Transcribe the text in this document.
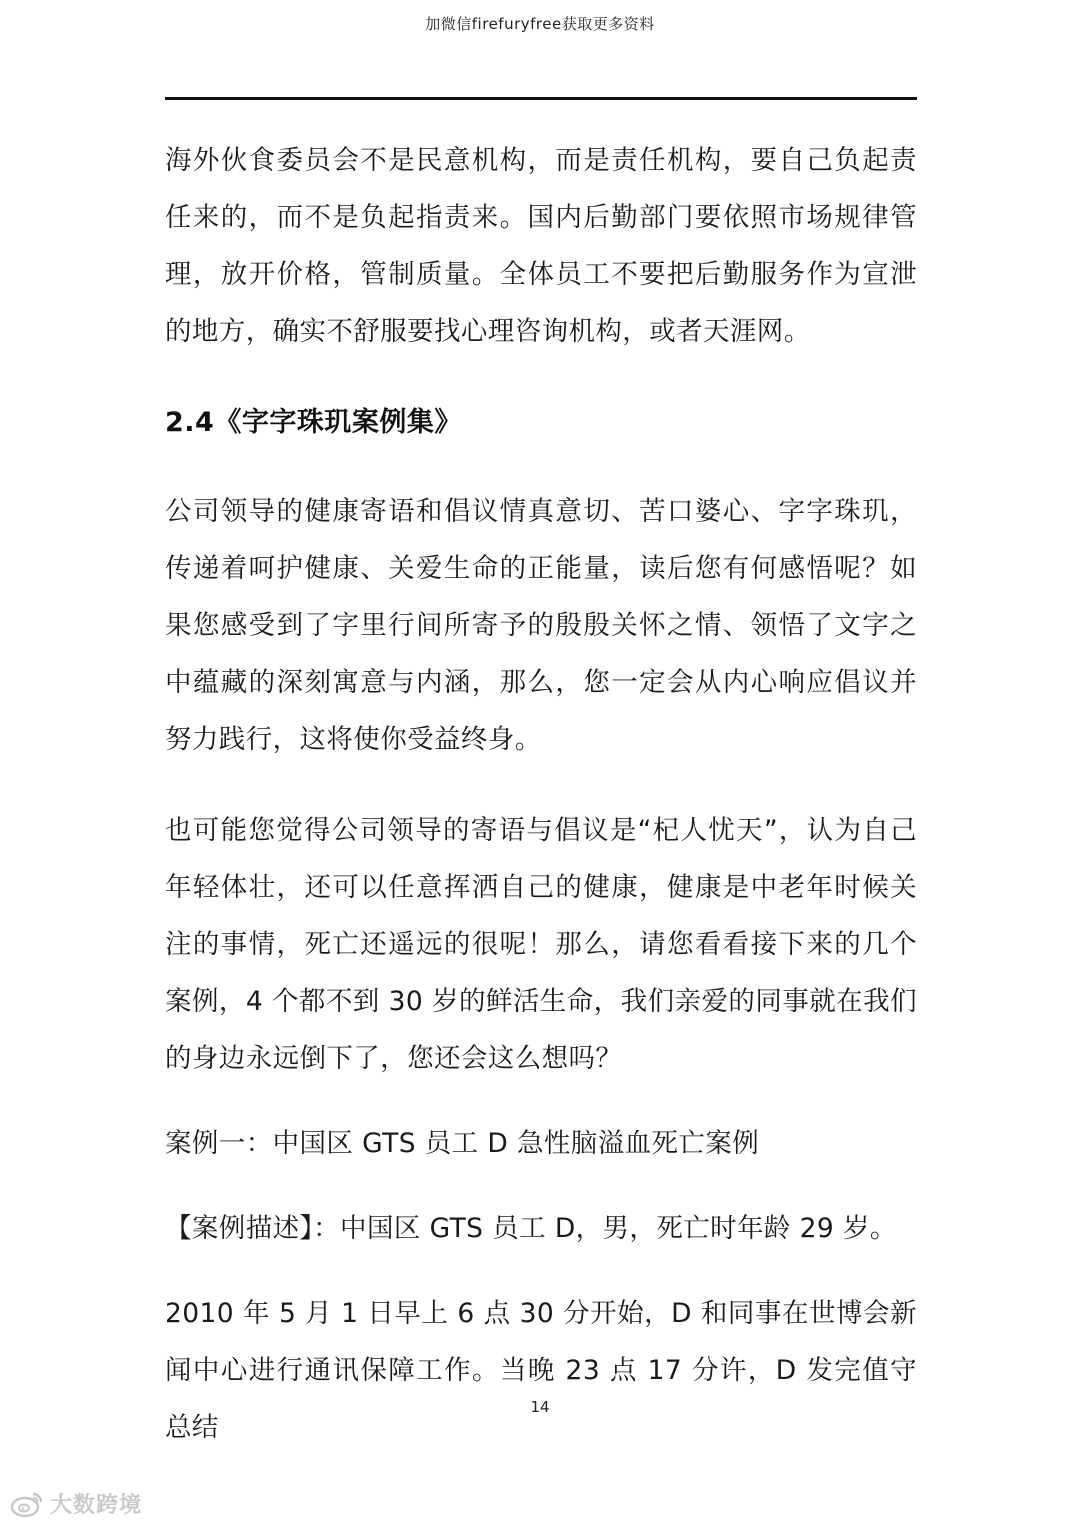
加微信firefuryfree获取更多资料

海外伙食委员会不是民意机构，而是责任机构，要自己负起责任来的，而不是负起指责来。国内后勤部门要依照市场规律管理，放开价格，管制质量。全体员工不要把后勤服务作为宣泄的地方，确实不舒服要找心理咨询机构，或者天涯网。

2.4《字字珠玑案例集》

公司领导的健康寄语和倡议情真意切、苦口婆心、字字珠玑，传递着呵护健康、关爱生命的正能量，读后您有何感悟呢？如果您感受到了字里行间所寄予的殷殷关怀之情、领悟了文字之中蕴藏的深刻寓意与内涵，那么，您一定会从内心响应倡议并努力践行，这将使你受益终身。

也可能您觉得公司领导的寄语与倡议是“杞人忧天”，认为自己年轻体壮，还可以任意挥洒自己的健康，健康是中老年时候关注的事情，死亡还遥远的很呢！那么，请您看看接下来的几个案例，4 个都不到 30 岁的鲜活生命，我们亲爱的同事就在我们的身边永远倒下了，您还会这么想吗？

案例一：中国区 GTS 员工 D 急性脑溢血死亡案例

【案例描述】：中国区 GTS 员工 D，男，死亡时年龄 29 岁。

2010 年 5 月 1 日早上 6 点 30 分开始，D 和同事在世博会新闻中心进行通讯保障工作。当晚 23 点 17 分许，D 发完值守总结

14
大数跨境
